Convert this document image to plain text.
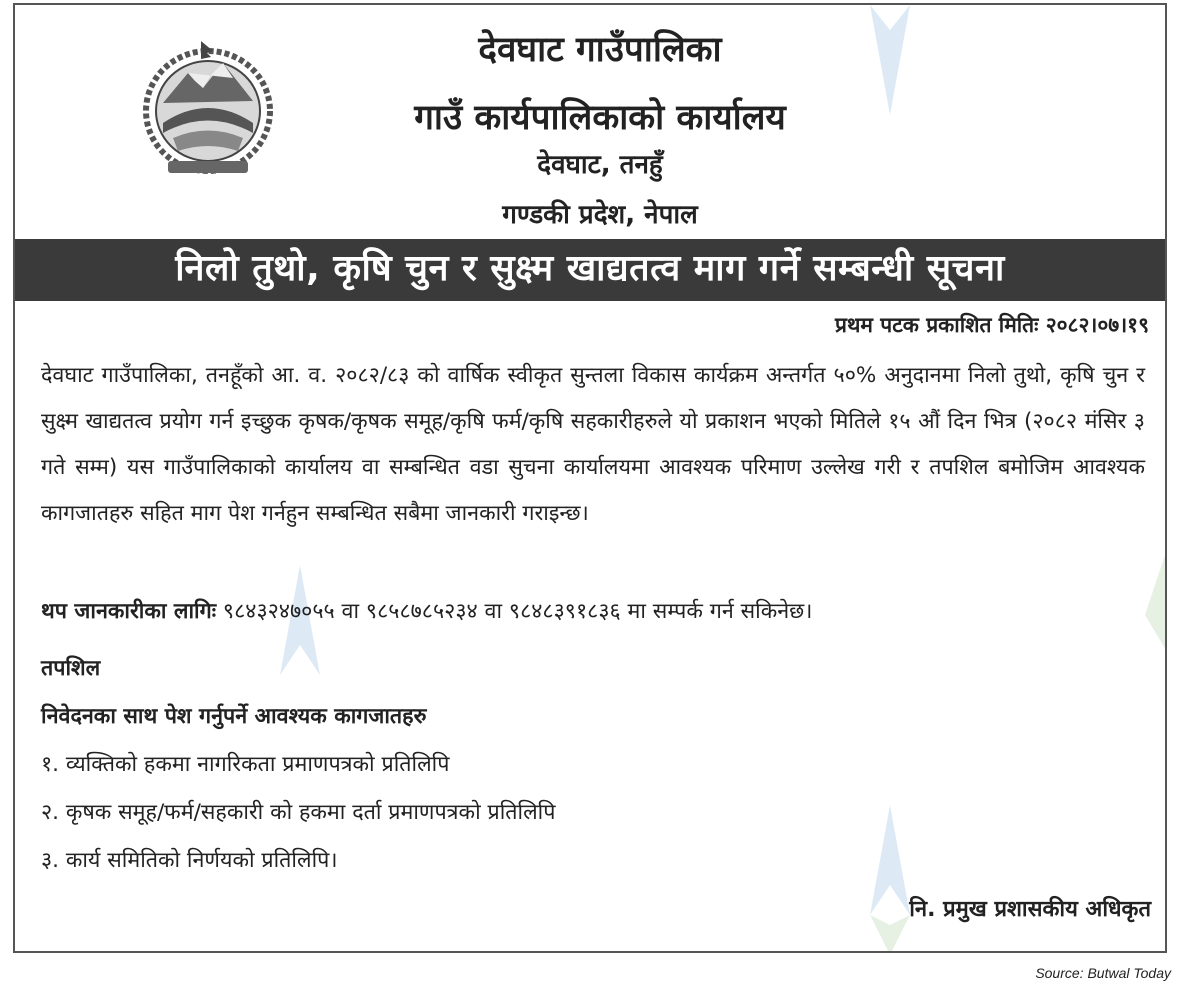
देवघाट गाउँपालिका
गाउँ कार्यपालिकाको कार्यालय
देवघाट, तनहुँ
गण्डकी प्रदेश, नेपाल
निलो तुथो, कृषि चुन र सुक्ष्म खाद्यतत्व माग गर्ने सम्बन्धी सूचना
प्रथम पटक प्रकाशित मितिः २०८२।०७।१९

देवघाट गाउँपालिका, तनहूँको आ. व. २०८२/८३ को वार्षिक स्वीकृत सुन्तला विकास कार्यक्रम अन्तर्गत ५०% अनुदानमा निलो तुथो, कृषि चुन र सुक्ष्म खाद्यतत्व प्रयोग गर्न इच्छुक कृषक/कृषक समूह/कृषि फर्म/कृषि सहकारीहरुले यो प्रकाशन भएको मितिले १५ औं दिन भित्र (२०८२ मंसिर ३ गते सम्म) यस गाउँपालिकाको कार्यालय वा सम्बन्धित वडा सुचना कार्यालयमा आवश्यक परिमाण उल्लेख गरी र तपशिल बमोजिम आवश्यक कागजातहरु सहित माग पेश गर्नहुन सम्बन्धित सबैमा जानकारी गराइन्छ।

थप जानकारीका लागिः ९८४३२४७०५५ वा ९८५८७८५२३४ वा ९८४८३९१८३६ मा सम्पर्क गर्न सकिनेछ।
तपशिल
निवेदनका साथ पेश गर्नुपर्ने आवश्यक कागजातहरु
१. व्यक्तिको हकमा नागरिकता प्रमाणपत्रको प्रतिलिपि
२. कृषक समूह/फर्म/सहकारी को हकमा दर्ता प्रमाणपत्रको प्रतिलिपि
३. कार्य समितिको निर्णयको प्रतिलिपि।
नि. प्रमुख प्रशासकीय अधिकृत
Source: Butwal Today
